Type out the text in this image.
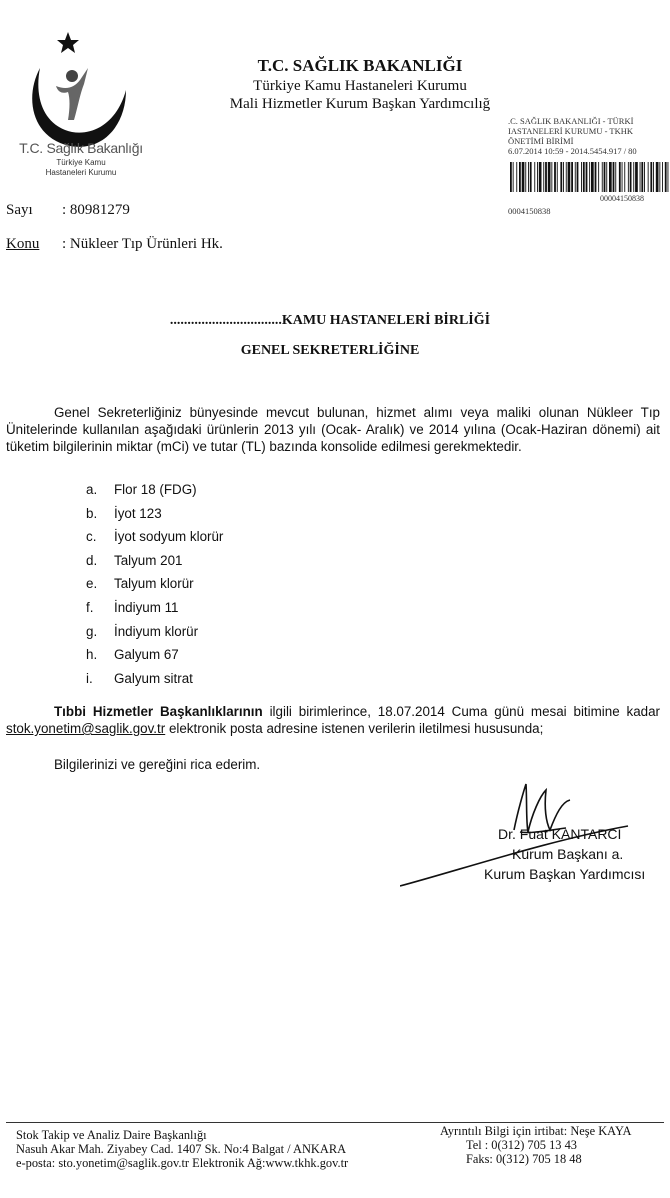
T.C. Sağlık Bakanlığı
Türkiye Kamu
Hastaneleri Kurumu
T.C. SAĞLIK BAKANLIĞI
Türkiye Kamu Hastaneleri Kurumu
Mali Hizmetler Kurum Başkan Yardımcılığ
.C. SAĞLIK BAKANLIĞI - TÜRKİ
IASTANELERİ KURUMU - TKHK
ÖNETİMİ BİRİMİ
6.07.2014 10:59 - 2014.5454.917 / 80
00004150838
0004150838
Sayı : 80981279
Konu : Nükleer Tıp Ürünleri Hk.
................................KAMU HASTANELERİ BİRLİĞİ
GENEL SEKRETERLİĞİNE
Genel Sekreterliğiniz bünyesinde mevcut bulunan, hizmet alımı veya maliki olunan Nükleer Tıp Ünitelerinde kullanılan aşağıdaki ürünlerin 2013 yılı (Ocak- Aralık) ve 2014 yılına (Ocak-Haziran dönemi) ait tüketim bilgilerinin miktar (mCi) ve tutar (TL) bazında konsolide edilmesi gerekmektedir.
a.	Flor 18 (FDG)
b.	İyot 123
c.	İyot sodyum klorür
d.	Talyum 201
e.	Talyum klorür
f.	İndiyum 11
g.	İndiyum klorür
h.	Galyum 67
i.	Galyum sitrat
Tıbbi Hizmetler Başkanlıklarının ilgili birimlerince, 18.07.2014 Cuma günü mesai bitimine kadar stok.yonetim@saglik.gov.tr elektronik posta adresine istenen verilerin iletilmesi hususunda;
Bilgilerinizi ve gereğini rica ederim.
Dr. Fuat KANTARCI
Kurum Başkanı a.
Kurum Başkan Yardımcısı
Stok Takip ve Analiz Daire Başkanlığı
Nasuh Akar Mah. Ziyabey Cad. 1407 Sk. No:4 Balgat / ANKARA
e-posta: sto.yonetim@saglik.gov.tr Elektronik Ağ:www.tkhk.gov.tr
Ayrıntılı Bilgi için irtibat: Neşe KAYA
Tel : 0(312) 705 13 43
Faks: 0(312) 705 18 48
